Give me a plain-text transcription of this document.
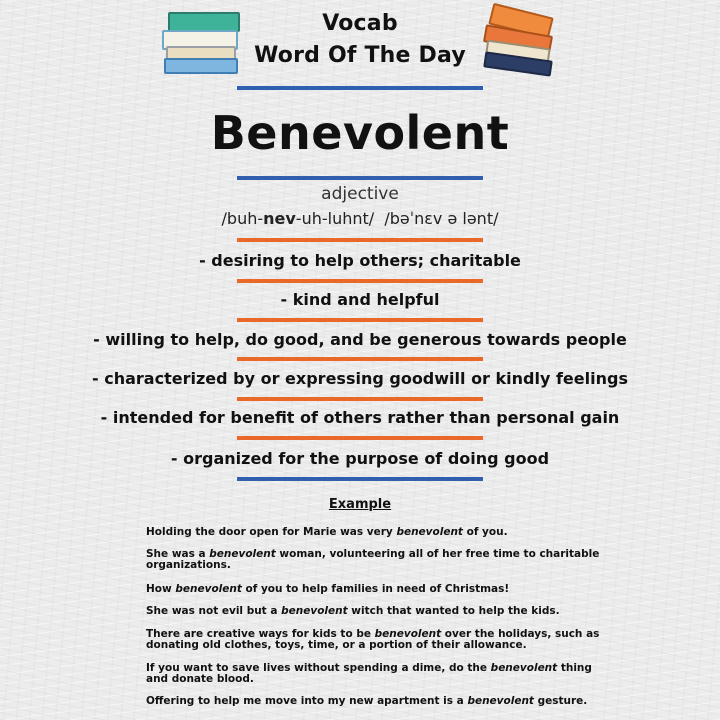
Vocab
Word Of The Day
Benevolent
adjective
/buh-nev-uh-luhnt/ /bəˈnɛv ə lənt/
- desiring to help others; charitable
- kind and helpful
- willing to help, do good, and be generous towards people
- characterized by or expressing goodwill or kindly feelings
- intended for benefit of others rather than personal gain
- organized for the purpose of doing good
Example
Holding the door open for Marie was very benevolent of you.
She was a benevolent woman, volunteering all of her free time to charitable organizations.
How benevolent of you to help families in need of Christmas!
She was not evil but a benevolent witch that wanted to help the kids.
There are creative ways for kids to be benevolent over the holidays, such as donating old clothes, toys, time, or a portion of their allowance.
If you want to save lives without spending a dime, do the benevolent thing and donate blood.
Offering to help me move into my new apartment is a benevolent gesture.
